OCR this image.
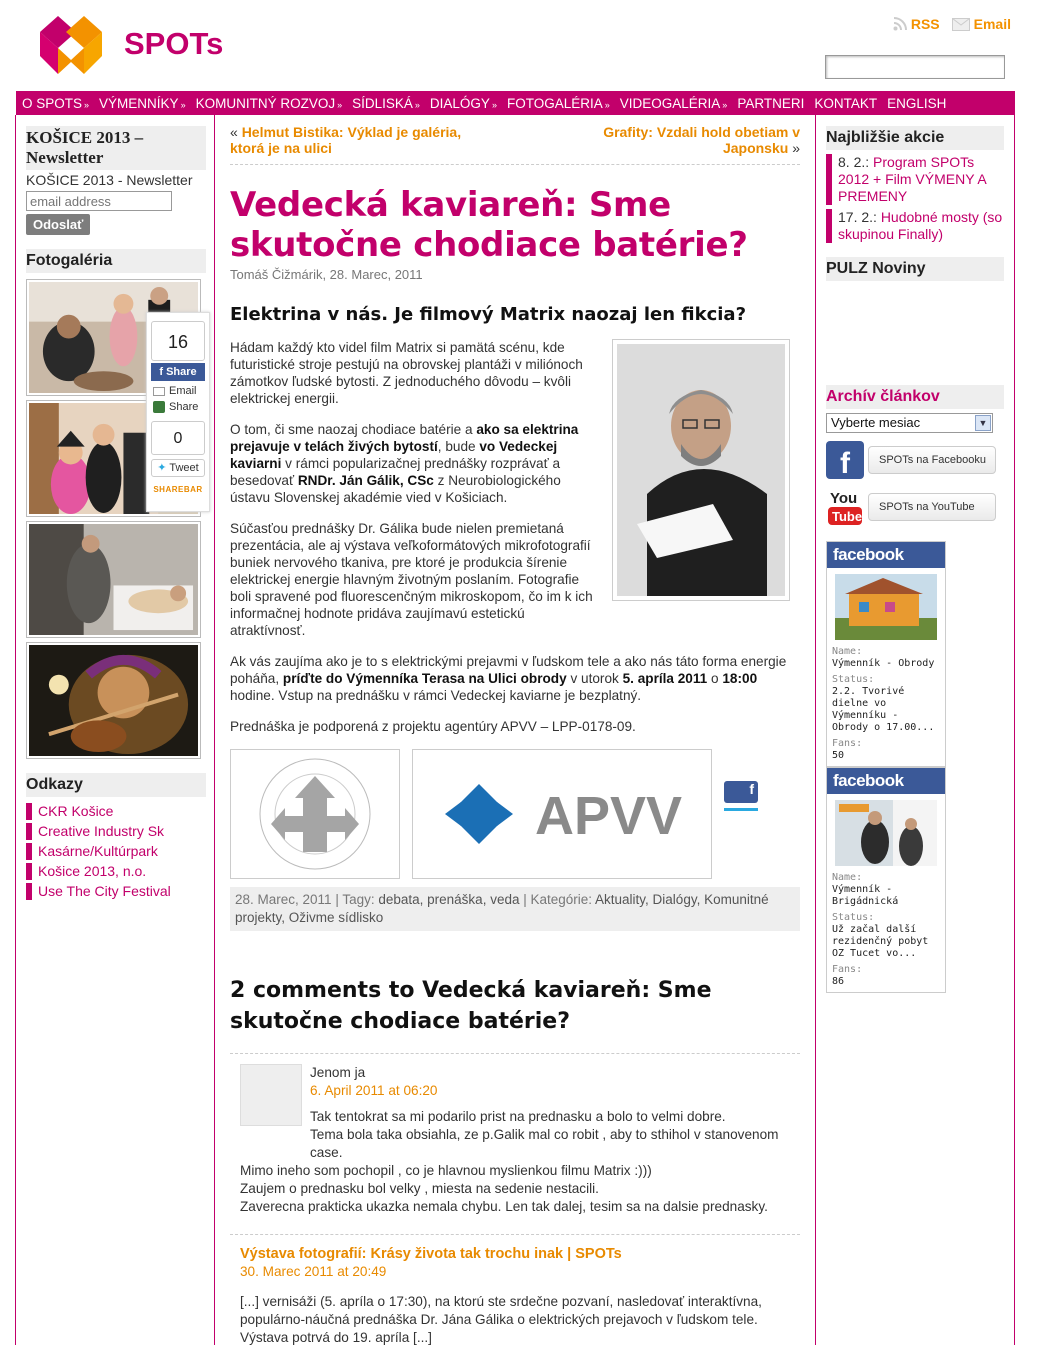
SPOTs
RSS	Email
O SPOTS » VÝMENNÍKY » KOMUNITNÝ ROZVOJ » SÍDLISKÁ » DIALÓGY » FOTOGALÉRIA » VIDEOGALÉRIA » PARTNERI KONTAKT ENGLISH
KOŠICE 2013 – Newsletter
KOŠICE 2013 - Newsletter
email address
Odoslať
Fotogaléria
Odkazy
CKR Košice
Creative Industry Sk
Kasárne/Kultúrpark
Košice 2013, n.o.
Use The City Festival
16
f Share
Email
Share
0
✦ Tweet
SHAREBAR
« Helmut Bistika: Výklad je galéria, ktorá je na ulici
Grafity: Vzdali hold obetiam v Japonsku »
Vedecká kaviareň: Sme skutočne chodiace batérie?
Tomáš Čižmárik, 28. Marec, 2011
Elektrina v nás. Je filmový Matrix naozaj len fikcia?

Hádam každý kto videl film Matrix si pamätá scénu, kde futuristické stroje pestujú na obrovskej plantáži v miliónoch zámotkov ľudské bytosti. Z jednoduchého dôvodu – kvôli elektrickej energii.

O tom, či sme naozaj chodiace batérie a ako sa elektrina prejavuje v telách živých bytostí, bude vo Vedeckej kaviarni v rámci popularizačnej prednášky rozprávať a besedovať RNDr. Ján Gálik, CSc z Neurobiologického ústavu Slovenskej akadémie vied v Košiciach.

Súčasťou prednášky Dr. Gálika bude nielen premietaná prezentácia, ale aj výstava veľkoformátových mikrofotografií buniek nervového tkaniva, pre ktoré je produkcia šírenie elektrickej energie hlavným životným poslaním. Fotografie boli spravené pod fluorescenčným mikroskopom, čo im k ich informačnej hodnote pridáva zaujímavú estetickú atraktívnosť.

Ak vás zaujíma ako je to s elektrickými prejavmi v ľudskom tele a ako nás táto forma energie poháňa, príďte do Výmenníka Terasa na Ulici obrody v utorok 5. apríla 2011 o 18:00 hodine. Vstup na prednášku v rámci Vedeckej kaviarne je bezplatný.

Prednáška je podporená z projektu agentúry APVV – LPP-0178-09.

APVV	f
28. Marec, 2011 | Tagy: debata, prenáška, veda | Kategórie: Aktuality, Dialógy, Komunitné projekty, Oživme sídlisko
2 comments to Vedecká kaviareň: Sme skutočne chodiace batérie?
Jenom ja
6. April 2011 at 06:20
Tak tentokrat sa mi podarilo prist na prednasku a bolo to velmi dobre.
Tema bola taka obsiahla, ze p.Galik mal co robit , aby to sthihol v stanovenom case.
Mimo ineho som pochopil , co je hlavnou myslienkou filmu Matrix :)))
Zaujem o prednasku bol velky , miesta na sedenie nestacili.
Zaverecna prakticka ukazka nemala chybu. Len tak dalej, tesim sa na dalsie prednasky.
Výstava fotografií: Krásy života tak trochu inak | SPOTs
30. Marec 2011 at 20:49
[...] vernisáži (5. apríla o 17:30), na ktorú ste srdečne pozvaní, nasledovať interaktívna, populárno-náučná prednáška Dr. Jána Gálika o elektrických prejavoch v ľudskom tele. Výstava potrvá do 19. apríla [...]
Najbližšie akcie
8. 2.: Program SPOTs 2012 + Film VÝMENY A PREMENY
17. 2.: Hudobné mosty (so skupinou Finally)
PULZ Noviny
Archív článkov
Vyberte mesiac	▼
f	SPOTs na Facebooku
You
Tube
SPOTs na YouTube
facebook
Name:
Výmenník - Obrody
Status:
2.2. Tvorivé dielne vo Výmenníku - Obrody o 17.00...
Fans:
50
facebook
Name:
Výmenník - Brigádnická
Status:
Už začal další rezidenčný pobyt OZ Tucet vo...
Fans:
86
